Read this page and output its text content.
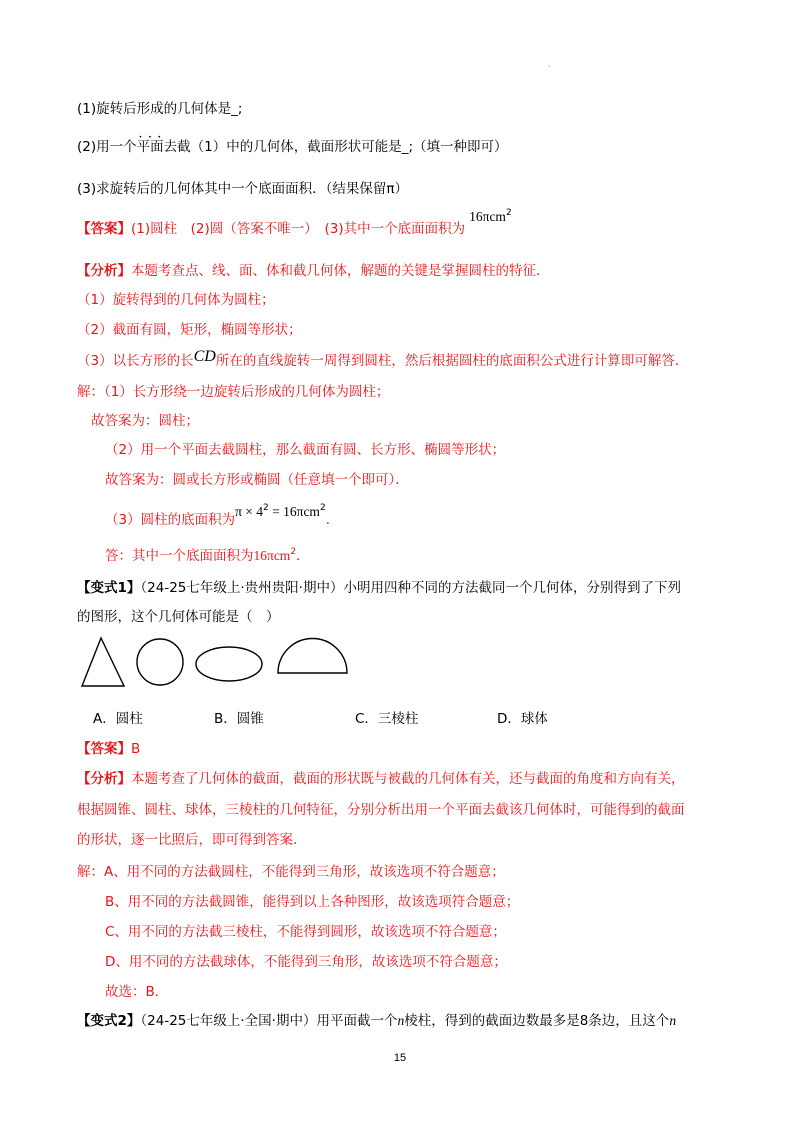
·
(1)旋转后形成的几何体是_;
(2)用一个• • • 平面去截（1）中的几何体，截面形状可能是_;（填一种即可）
(3)求旋转后的几何体其中一个底面面积．（结果保留π）
【答案】(1)圆柱　(2)圆（答案不唯一）　(3)其中一个底面面积为16πcm$^2$
【分析】本题考查点、线、面、体和截几何体，解题的关键是掌握圆柱的特征．
（1）旋转得到的几何体为圆柱；
（2）截面有圆，矩形，椭圆等形状；
（3）以长方形的长CD所在的直线旋转一周得到圆柱，然后根据圆柱的底面积公式进行计算即可解答．
解：（1）长方形绕一边旋转后形成的几何体为圆柱；
故答案为：圆柱；
（2）用一个平面去截圆柱，那么截面有圆、长方形、椭圆等形状；
故答案为：圆或长方形或椭圆（任意填一个即可）．
（3）圆柱的底面积为$\pi \times 4^2 = 16\pi cm^2$．
答：其中一个底面面积为16πcm$^2$．
【变式1】（24-25七年级上·贵州贵阳·期中）小明用四种不同的方法截同一个几何体，分别得到了下列
的图形，这个几何体可能是（　）
A．圆柱	B．圆锥	C．三棱柱	D．球体
【答案】B
【分析】本题考查了几何体的截面，截面的形状既与被截的几何体有关，还与截面的角度和方向有关，
根据圆锥、圆柱、球体，三棱柱的几何特征，分别分析出用一个平面去截该几何体时，可能得到的截面
的形状，逐一比照后，即可得到答案．
解：A、用不同的方法截圆柱，不能得到三角形，故该选项不符合题意；
B、用不同的方法截圆锥，能得到以上各种图形，故该选项符合题意；
C、用不同的方法截三棱柱，不能得到圆形，故该选项不符合题意；
D、用不同的方法截球体，不能得到三角形，故该选项不符合题意；
故选：B．
【变式2】（24-25七年级上·全国·期中）用平面截一个n棱柱，得到的截面边数最多是8条边，且这个n
15
